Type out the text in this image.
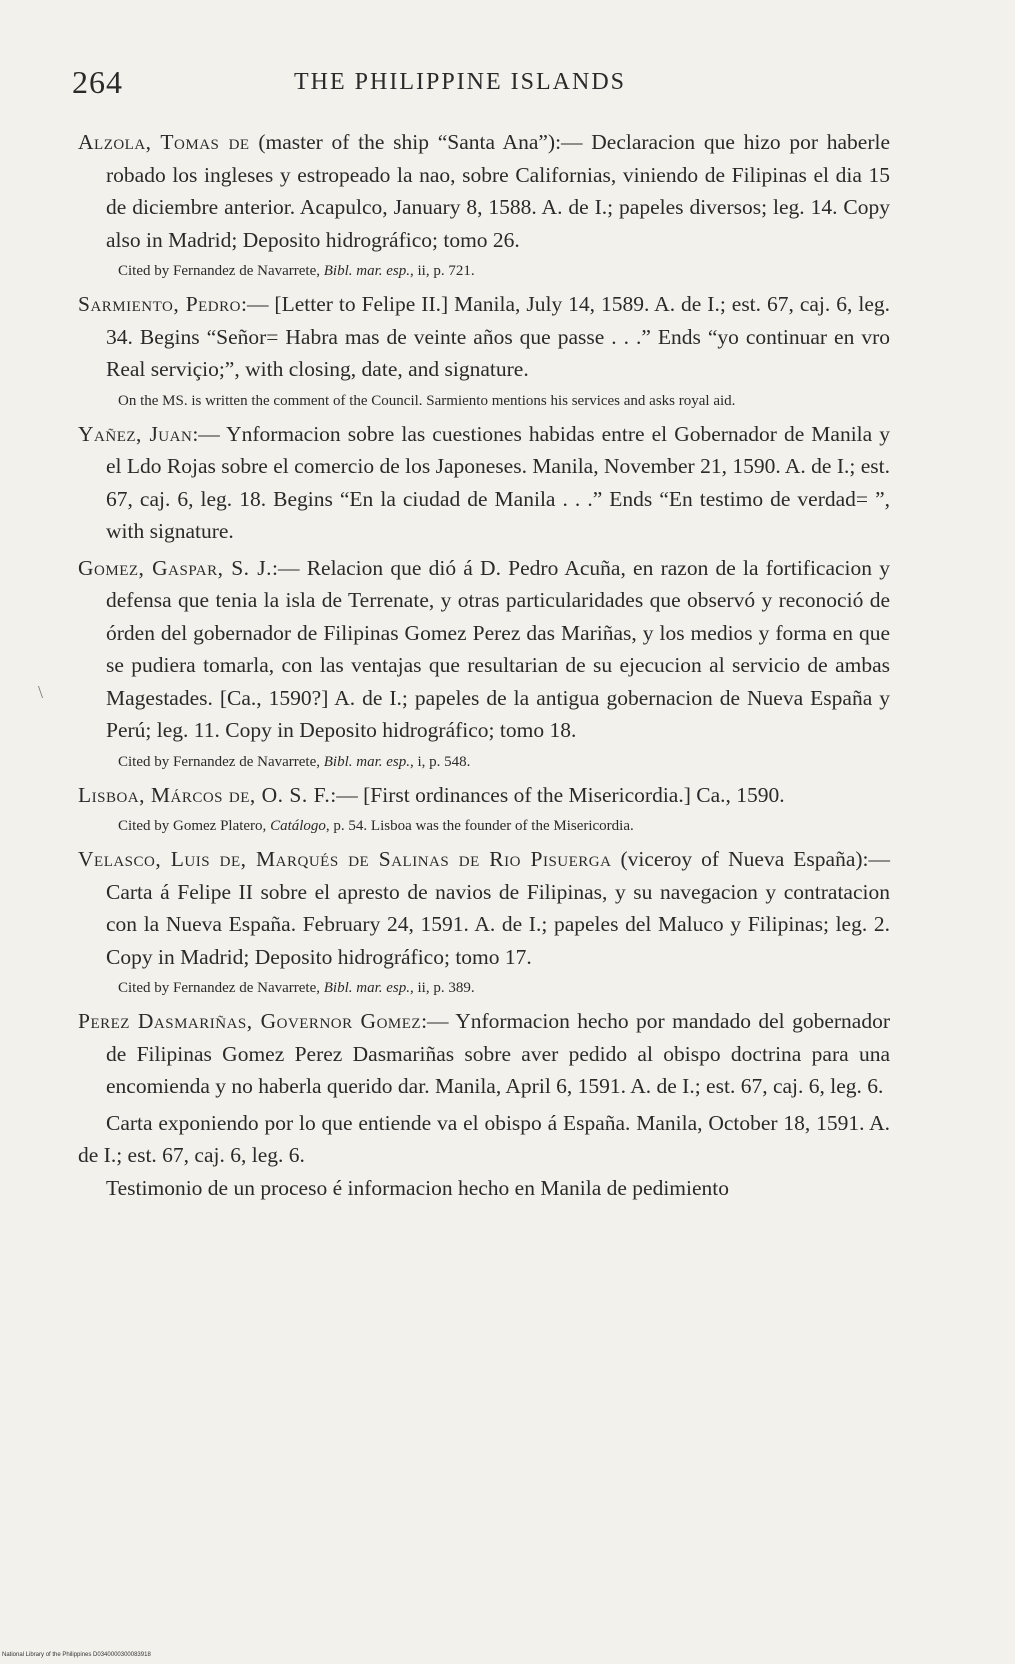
264	THE PHILIPPINE ISLANDS
\

Alzola, Tomas de (master of the ship “Santa Ana”):— Declaracion que hizo por haberle robado los ingleses y estropeado la nao, sobre Californias, viniendo de Filipinas el dia 15 de diciembre anterior. Acapulco, January 8, 1588. A. de I.; papeles diversos; leg. 14. Copy also in Madrid; Deposito hidrográfico; tomo 26.

Cited by Fernandez de Navarrete, Bibl. mar. esp., ii, p. 721.

Sarmiento, Pedro:— [Letter to Felipe II.] Manila, July 14, 1589. A. de I.; est. 67, caj. 6, leg. 34. Begins “Señor= Habra mas de veinte años que passe . . .” Ends “yo continuar en vro Real serviçio;”, with closing, date, and signature.

On the MS. is written the comment of the Council. Sarmiento mentions his services and asks royal aid.

Yañez, Juan:— Ynformacion sobre las cuestiones habidas entre el Gobernador de Manila y el Ldo Rojas sobre el comercio de los Japoneses. Manila, November 21, 1590. A. de I.; est. 67, caj. 6, leg. 18. Begins “En la ciudad de Manila . . .” Ends “En testimo de verdad= ”, with signature.

Gomez, Gaspar, S. J.:— Relacion que dió á D. Pedro Acuña, en razon de la fortificacion y defensa que tenia la isla de Terrenate, y otras particularidades que observó y reconoció de órden del gobernador de Filipinas Gomez Perez das Mariñas, y los medios y forma en que se pudiera tomarla, con las ventajas que resultarian de su ejecucion al servicio de ambas Magestades. [Ca., 1590?] A. de I.; papeles de la antigua gobernacion de Nueva España y Perú; leg. 11. Copy in Deposito hidrográfico; tomo 18.

Cited by Fernandez de Navarrete, Bibl. mar. esp., i, p. 548.

Lisboa, Márcos de, O. S. F.:— [First ordinances of the Misericordia.] Ca., 1590.

Cited by Gomez Platero, Catálogo, p. 54. Lisboa was the founder of the Misericordia.

Velasco, Luis de, Marqués de Salinas de Rio Pisuerga (viceroy of Nueva España):— Carta á Felipe II sobre el apresto de navios de Filipinas, y su navegacion y contratacion con la Nueva España. February 24, 1591. A. de I.; papeles del Maluco y Filipinas; leg. 2. Copy in Madrid; Deposito hidrográfico; tomo 17.

Cited by Fernandez de Navarrete, Bibl. mar. esp., ii, p. 389.

Perez Dasmariñas, Governor Gomez:— Ynformacion hecho por mandado del gobernador de Filipinas Gomez Perez Dasmariñas sobre aver pedido al obispo doctrina para una encomienda y no haberla querido dar. Manila, April 6, 1591. A. de I.; est. 67, caj. 6, leg. 6.

Carta exponiendo por lo que entiende va el obispo á España. Manila, October 18, 1591. A. de I.; est. 67, caj. 6, leg. 6.

Testimonio de un proceso é informacion hecho en Manila de pedimiento

National Library of the Philippines D0340000300083918
